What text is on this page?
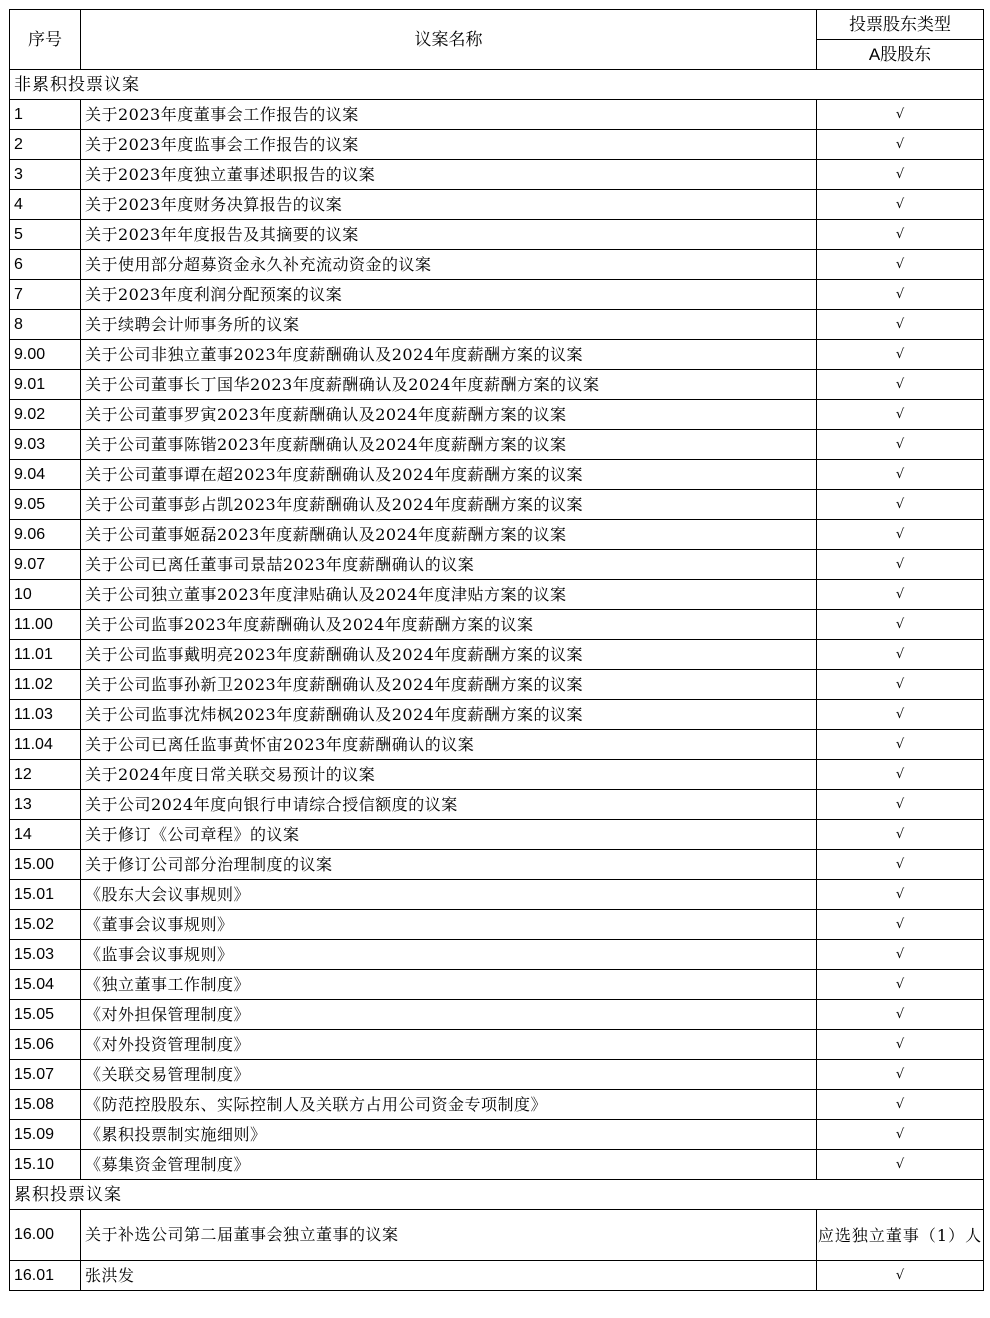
序号	议案名称	投票股东类型
		A股股东
非累积投票议案		
1	关于2023年度董事会工作报告的议案	√
2	关于2023年度监事会工作报告的议案	√
3	关于2023年度独立董事述职报告的议案	√
4	关于2023年度财务决算报告的议案	√
5	关于2023年年度报告及其摘要的议案	√
6	关于使用部分超募资金永久补充流动资金的议案	√
7	关于2023年度利润分配预案的议案	√
8	关于续聘会计师事务所的议案	√
9.00	关于公司非独立董事2023年度薪酬确认及2024年度薪酬方案的议案	√
9.01	关于公司董事长丁国华2023年度薪酬确认及2024年度薪酬方案的议案	√
9.02	关于公司董事罗寅2023年度薪酬确认及2024年度薪酬方案的议案	√
9.03	关于公司董事陈锴2023年度薪酬确认及2024年度薪酬方案的议案	√
9.04	关于公司董事谭在超2023年度薪酬确认及2024年度薪酬方案的议案	√
9.05	关于公司董事彭占凯2023年度薪酬确认及2024年度薪酬方案的议案	√
9.06	关于公司董事姬磊2023年度薪酬确认及2024年度薪酬方案的议案	√
9.07	关于公司已离任董事司景喆2023年度薪酬确认的议案	√
10	关于公司独立董事2023年度津贴确认及2024年度津贴方案的议案	√
11.00	关于公司监事2023年度薪酬确认及2024年度薪酬方案的议案	√
11.01	关于公司监事戴明亮2023年度薪酬确认及2024年度薪酬方案的议案	√
11.02	关于公司监事孙新卫2023年度薪酬确认及2024年度薪酬方案的议案	√
11.03	关于公司监事沈炜枫2023年度薪酬确认及2024年度薪酬方案的议案	√
11.04	关于公司已离任监事黄怀宙2023年度薪酬确认的议案	√
12	关于2024年度日常关联交易预计的议案	√
13	关于公司2024年度向银行申请综合授信额度的议案	√
14	关于修订《公司章程》的议案	√
15.00	关于修订公司部分治理制度的议案	√
15.01	《股东大会议事规则》	√
15.02	《董事会议事规则》	√
15.03	《监事会议事规则》	√
15.04	《独立董事工作制度》	√
15.05	《对外担保管理制度》	√
15.06	《对外投资管理制度》	√
15.07	《关联交易管理制度》	√
15.08	《防范控股股东、实际控制人及关联方占用公司资金专项制度》	√
15.09	《累积投票制实施细则》	√
15.10	《募集资金管理制度》	√
累积投票议案		
16.00	关于补选公司第二届董事会独立董事的议案	应选独立董事（1）人
16.01	张洪发	√
